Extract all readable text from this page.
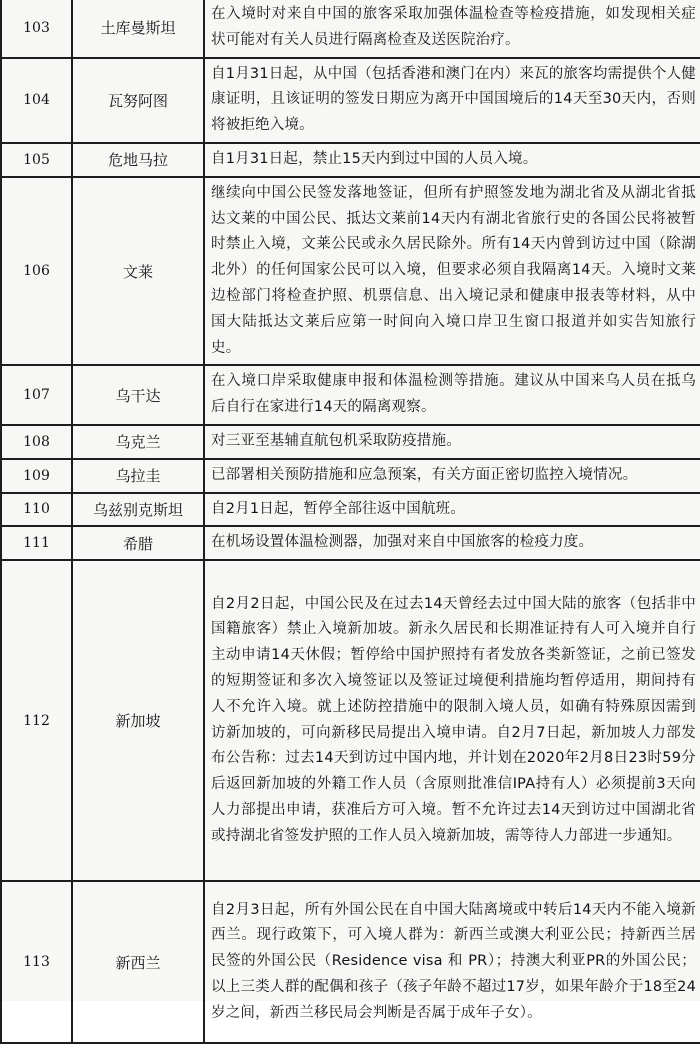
103	土库曼斯坦	在入境时对来自中国的旅客采取加强体温检查等检疫措施，如发现相关症状可能对有关人员进行隔离检查及送医院治疗。
104	瓦努阿图	自1月31日起，从中国（包括香港和澳门在内）来瓦的旅客均需提供个人健康证明，且该证明的签发日期应为离开中国国境后的14天至30天内，否则将被拒绝入境。
105	危地马拉	自1月31日起，禁止15天内到过中国的人员入境。
106	文莱	继续向中国公民签发落地签证，但所有护照签发地为湖北省及从湖北省抵达文莱的中国公民、抵达文莱前14天内有湖北省旅行史的各国公民将被暂时禁止入境，文莱公民或永久居民除外。所有14天内曾到访过中国（除湖北外）的任何国家公民可以入境，但要求必须自我隔离14天。入境时文莱边检部门将检查护照、机票信息、出入境记录和健康申报表等材料，从中国大陆抵达文莱后应第一时间向入境口岸卫生窗口报道并如实告知旅行史。
107	乌干达	在入境口岸采取健康申报和体温检测等措施。建议从中国来乌人员在抵乌后自行在家进行14天的隔离观察。
108	乌克兰	对三亚至基辅直航包机采取防疫措施。
109	乌拉圭	已部署相关预防措施和应急预案，有关方面正密切监控入境情况。
110	乌兹别克斯坦	自2月1日起，暂停全部往返中国航班。
111	希腊	在机场设置体温检测器，加强对来自中国旅客的检疫力度。
112	新加坡	自2月2日起，中国公民及在过去14天曾经去过中国大陆的旅客（包括非中国籍旅客）禁止入境新加坡。新永久居民和长期准证持有人可入境并自行主动申请14天休假；暂停给中国护照持有者发放各类新签证，之前已签发的短期签证和多次入境签证以及签证过境便利措施均暂停适用，期间持有人不允许入境。就上述防控措施中的限制入境人员，如确有特殊原因需到访新加坡的，可向新移民局提出入境申请。自2月7日起，新加坡人力部发布公告称：过去14天到访过中国内地，并计划在2020年2月8日23时59分后返回新加坡的外籍工作人员（含原则批准信IPA持有人）必须提前3天向人力部提出申请，获准后方可入境。暂不允许过去14天到访过中国湖北省或持湖北省签发护照的工作人员入境新加坡，需等待人力部进一步通知。
113	新西兰	自2月3日起，所有外国公民在自中国大陆离境或中转后14天内不能入境新西兰。现行政策下，可入境人群为：新西兰或澳大利亚公民；持新西兰居民签的外国公民（Residence visa 和 PR）；持澳大利亚PR的外国公民；以上三类人群的配偶和孩子（孩子年龄不超过17岁，如果年龄介于18至24岁之间，新西兰移民局会判断是否属于成年子女）。
